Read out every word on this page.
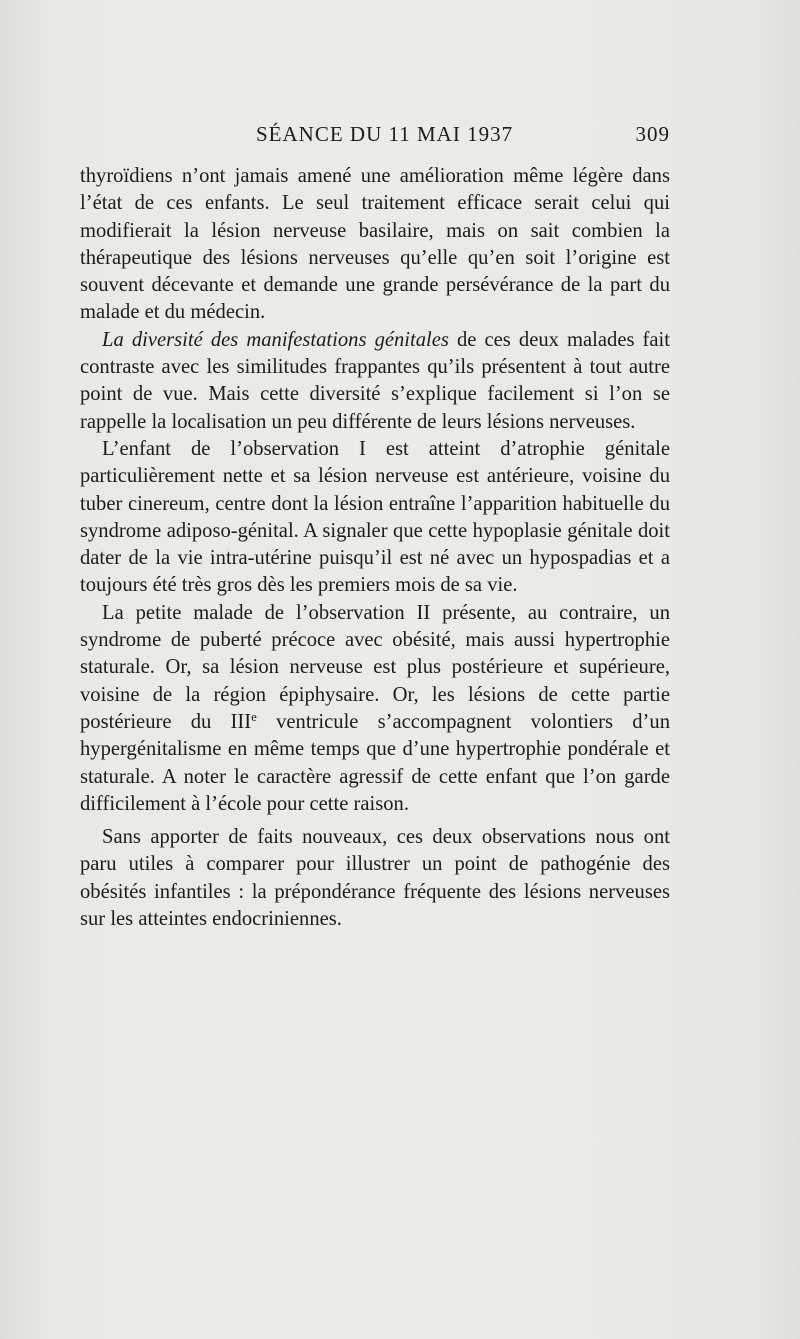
SÉANCE DU 11 MAI 1937	309

thyroïdiens n’ont jamais amené une amélioration même légère dans l’état de ces enfants. Le seul traitement efficace serait celui qui modifierait la lésion nerveuse basilaire, mais on sait combien la thérapeutique des lésions nerveuses qu’elle qu’en soit l’origine est souvent décevante et demande une grande persévérance de la part du malade et du médecin.

La diversité des manifestations génitales de ces deux malades fait contraste avec les similitudes frappantes qu’ils présentent à tout autre point de vue. Mais cette diversité s’explique facilement si l’on se rappelle la localisation un peu différente de leurs lésions nerveuses.

L’enfant de l’observation I est atteint d’atrophie génitale particulièrement nette et sa lésion nerveuse est antérieure, voisine du tuber cinereum, centre dont la lésion entraîne l’apparition habituelle du syndrome adiposo-génital. A signaler que cette hypoplasie génitale doit dater de la vie intra-utérine puisqu’il est né avec un hypospadias et a toujours été très gros dès les premiers mois de sa vie.

La petite malade de l’observation II présente, au contraire, un syndrome de puberté précoce avec obésité, mais aussi hypertrophie staturale. Or, sa lésion nerveuse est plus postérieure et supérieure, voisine de la région épiphysaire. Or, les lésions de cette partie postérieure du IIIe ventricule s’accompagnent volontiers d’un hypergénitalisme en même temps que d’une hypertrophie pondérale et staturale. A noter le caractère agressif de cette enfant que l’on garde difficilement à l’école pour cette raison.

Sans apporter de faits nouveaux, ces deux observations nous ont paru utiles à comparer pour illustrer un point de pathogénie des obésités infantiles : la prépondérance fréquente des lésions nerveuses sur les atteintes endocriniennes.
